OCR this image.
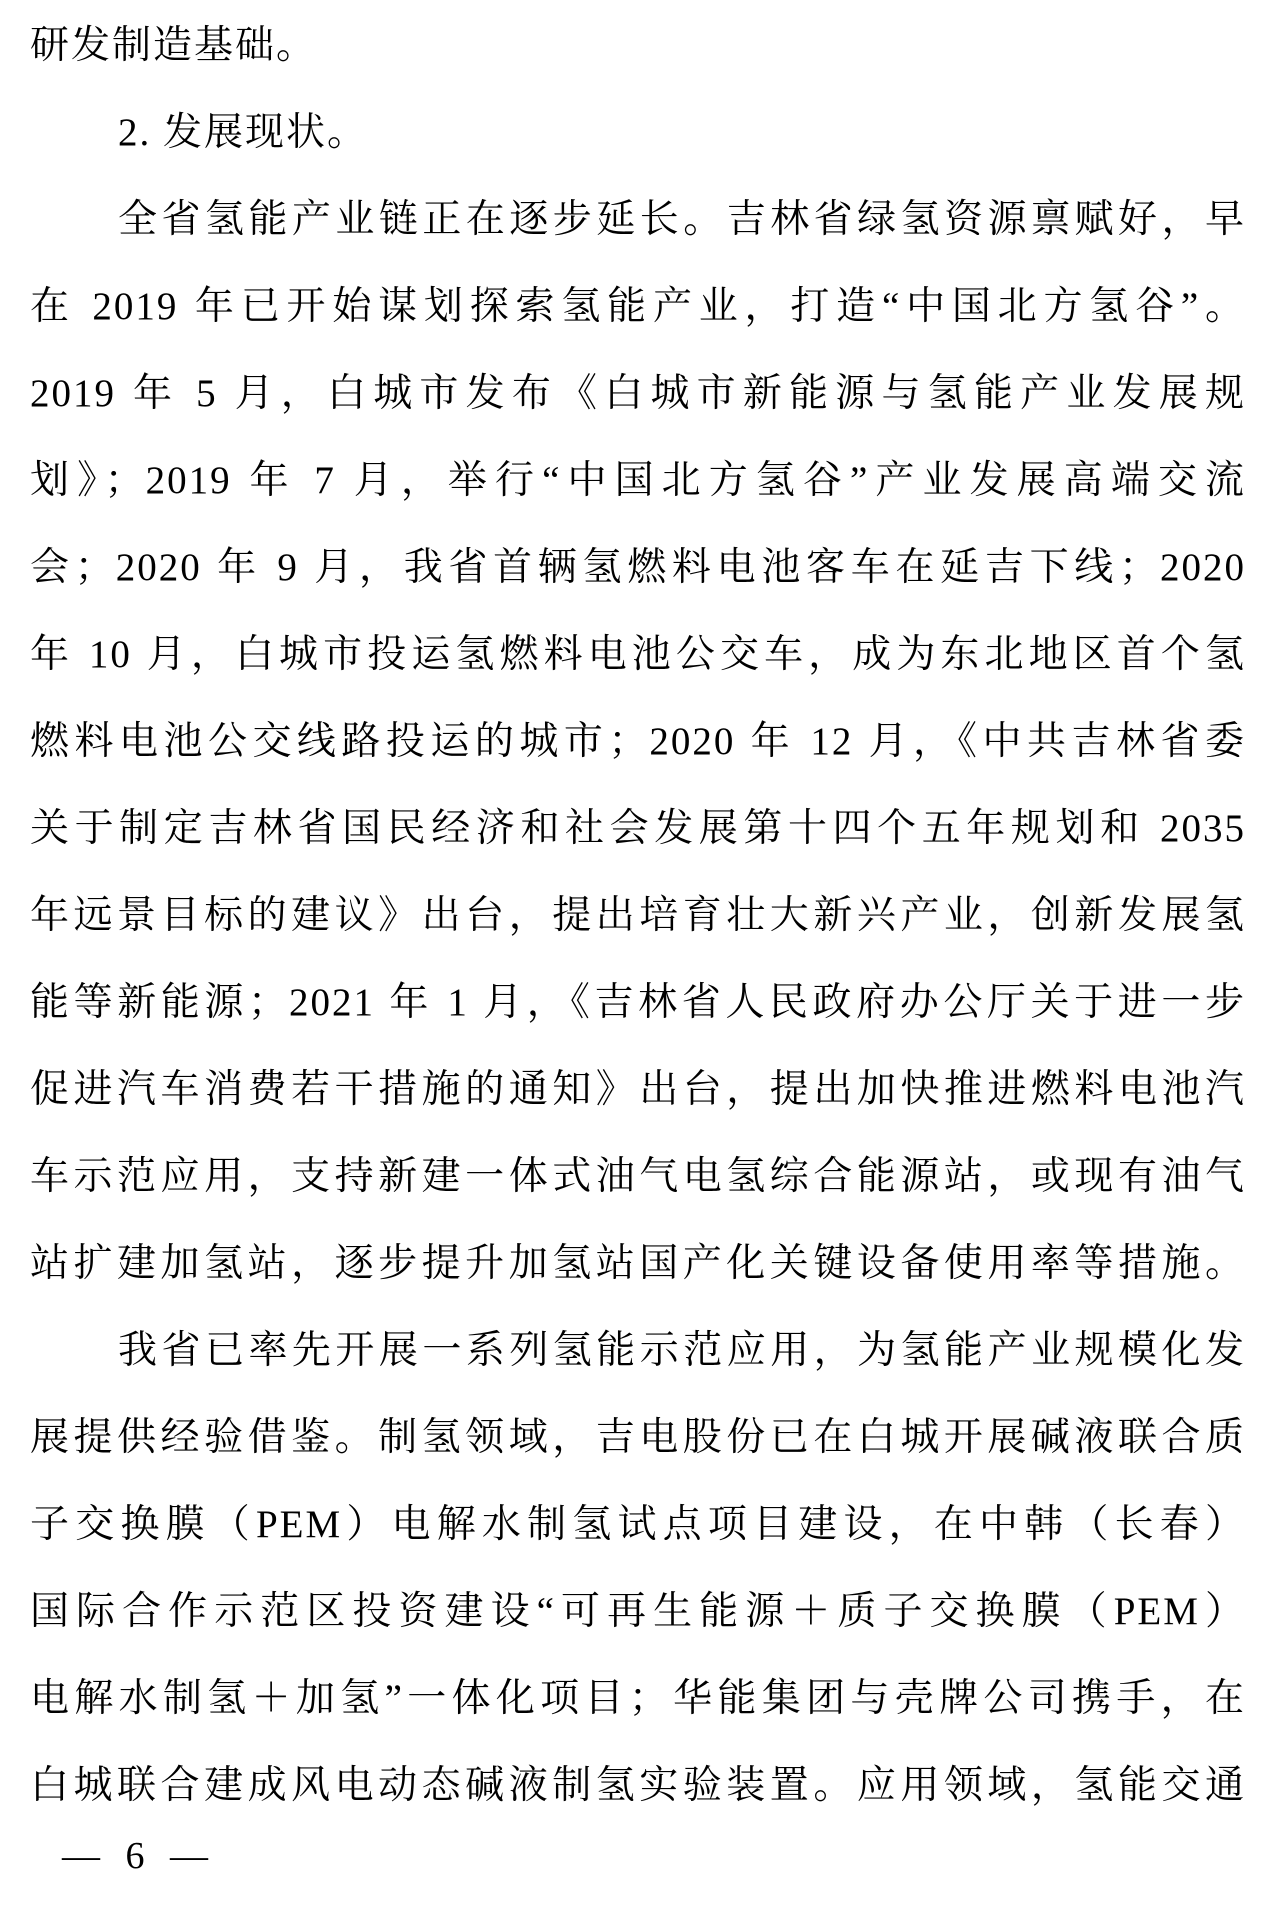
研发制造基础。
2. 发展现状。
全省氢能产业链正在逐步延长。吉林省绿氢资源禀赋好，早
在 2019 年已开始谋划探索氢能产业，打造“中国北方氢谷”。
2019 年 5 月，白城市发布《白城市新能源与氢能产业发展规
划》；2019 年 7 月，举行“中国北方氢谷”产业发展高端交流
会；2020 年 9 月，我省首辆氢燃料电池客车在延吉下线；2020
年 10 月，白城市投运氢燃料电池公交车，成为东北地区首个氢
燃料电池公交线路投运的城市；2020 年 12 月，《中共吉林省委
关于制定吉林省国民经济和社会发展第十四个五年规划和 2035
年远景目标的建议》出台，提出培育壮大新兴产业，创新发展氢
能等新能源；2021 年 1 月，《吉林省人民政府办公厅关于进一步
促进汽车消费若干措施的通知》出台，提出加快推进燃料电池汽
车示范应用，支持新建一体式油气电氢综合能源站，或现有油气
站扩建加氢站，逐步提升加氢站国产化关键设备使用率等措施。
我省已率先开展一系列氢能示范应用，为氢能产业规模化发
展提供经验借鉴。制氢领域，吉电股份已在白城开展碱液联合质
子交换膜（PEM）电解水制氢试点项目建设，在中韩（长春）
国际合作示范区投资建设“可再生能源＋质子交换膜（PEM）
电解水制氢＋加氢”一体化项目；华能集团与壳牌公司携手，在
白城联合建成风电动态碱液制氢实验装置。应用领域，氢能交通
— 6 —
